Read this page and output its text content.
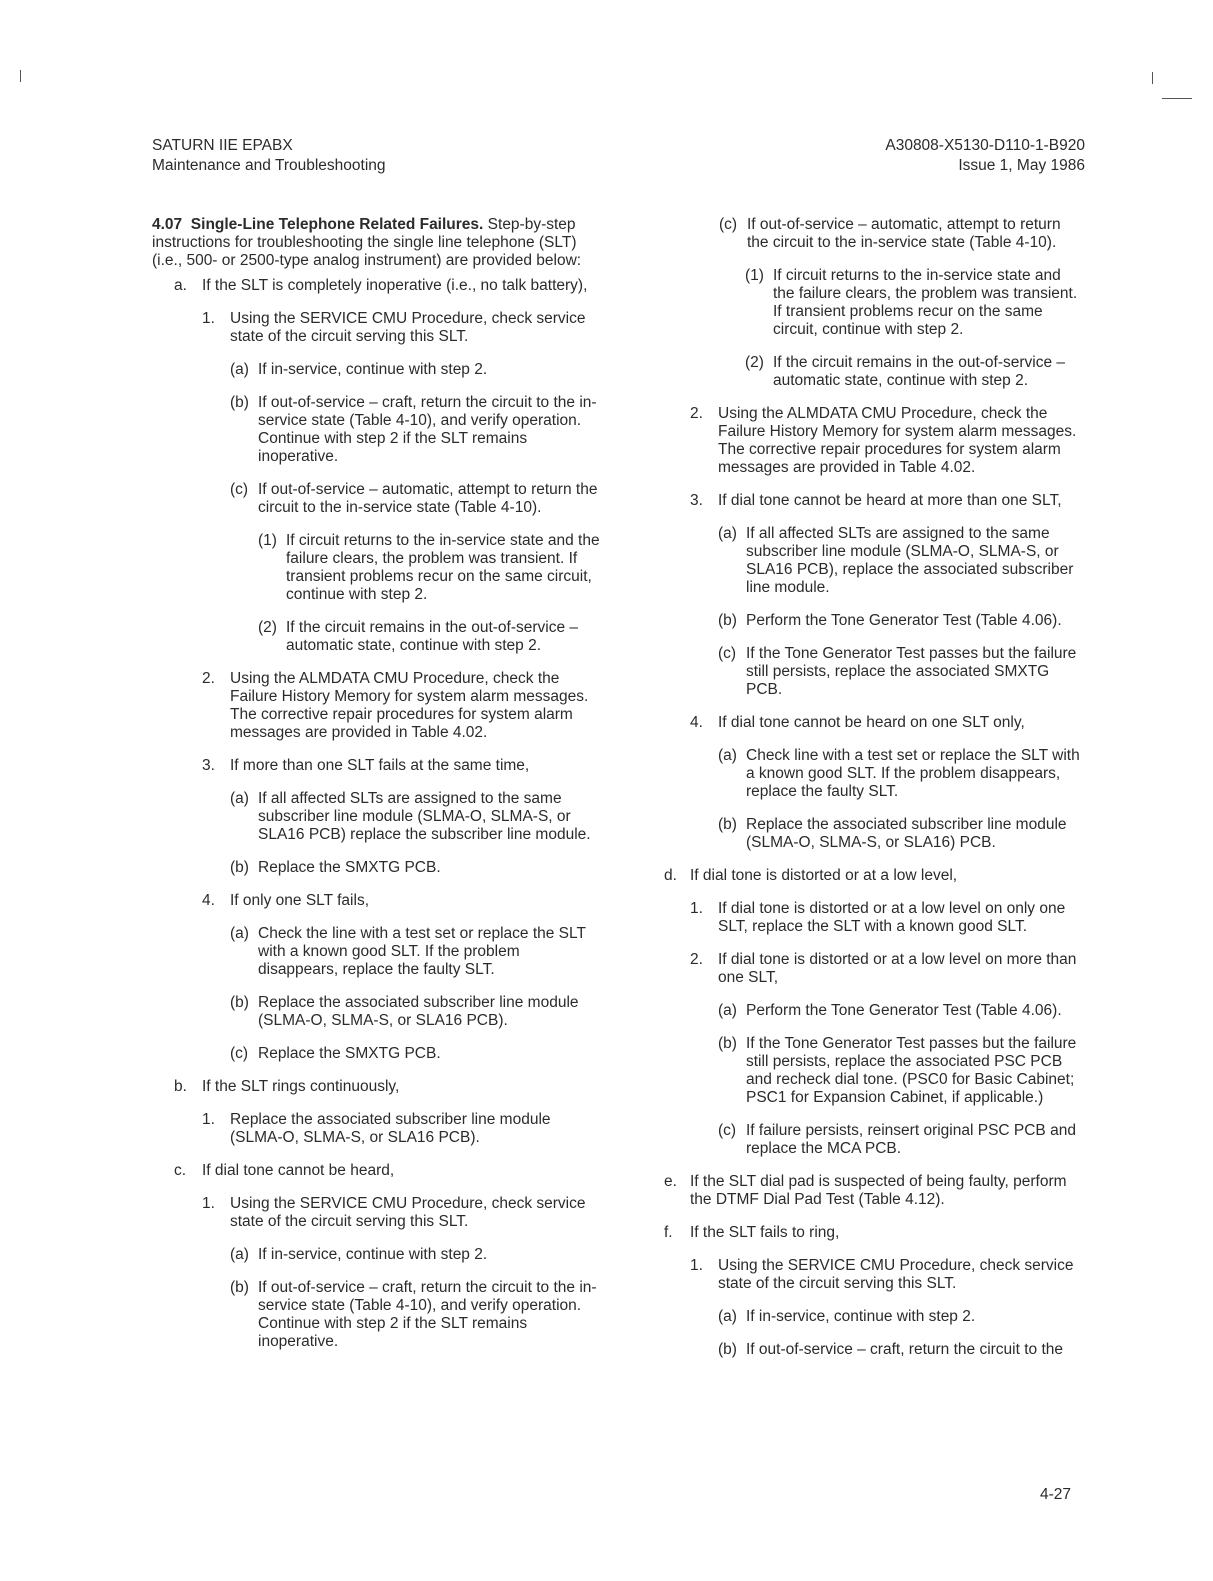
SATURN IIE EPABX
Maintenance and Troubleshooting
A30808-X5130-D110-1-B920
Issue 1, May 1986

4.07 Single-Line Telephone Related Failures. Step-by-step instructions for troubleshooting the single line telephone (SLT) (i.e., 500- or 2500-type analog instrument) are provided below:

a. If the SLT is completely inoperative (i.e., no talk battery),
1. Using the SERVICE CMU Procedure, check service state of the circuit serving this SLT.
(a) If in-service, continue with step 2.
(b) If out-of-service – craft, return the circuit to the in-service state (Table 4-10), and verify operation. Continue with step 2 if the SLT remains inoperative.
(c) If out-of-service – automatic, attempt to return the circuit to the in-service state (Table 4-10).
(1) If circuit returns to the in-service state and the failure clears, the problem was transient. If transient problems recur on the same circuit, continue with step 2.
(2) If the circuit remains in the out-of-service – automatic state, continue with step 2.
2. Using the ALMDATA CMU Procedure, check the Failure History Memory for system alarm messages. The corrective repair procedures for system alarm messages are provided in Table 4.02.
3. If more than one SLT fails at the same time,
(a) If all affected SLTs are assigned to the same subscriber line module (SLMA-O, SLMA-S, or SLA16 PCB) replace the subscriber line module.
(b) Replace the SMXTG PCB.
4. If only one SLT fails,
(a) Check the line with a test set or replace the SLT with a known good SLT. If the problem disappears, replace the faulty SLT.
(b) Replace the associated subscriber line module (SLMA-O, SLMA-S, or SLA16 PCB).
(c) Replace the SMXTG PCB.
b. If the SLT rings continuously,
1. Replace the associated subscriber line module (SLMA-O, SLMA-S, or SLA16 PCB).
c.	If dial tone cannot be heard,
1. Using the SERVICE CMU Procedure, check service state of the circuit serving this SLT.
(a) If in-service, continue with step 2.
(b) If out-of-service – craft, return the circuit to the in-service state (Table 4-10), and verify operation. Continue with step 2 if the SLT remains inoperative.
(c) If out-of-service – automatic, attempt to return the circuit to the in-service state (Table 4-10).
(1) If circuit returns to the in-service state and the failure clears, the problem was transient. If transient problems recur on the same circuit, continue with step 2.
(2) If the circuit remains in the out-of-service – automatic state, continue with step 2.
2. Using the ALMDATA CMU Procedure, check the Failure History Memory for system alarm messages. The corrective repair procedures for system alarm messages are provided in Table 4.02.
3. If dial tone cannot be heard at more than one SLT,
(a) If all affected SLTs are assigned to the same subscriber line module (SLMA-O, SLMA-S, or SLA16 PCB), replace the associated subscriber line module.
(b) Perform the Tone Generator Test (Table 4.06).
(c) If the Tone Generator Test passes but the failure still persists, replace the associated SMXTG PCB.
4. If dial tone cannot be heard on one SLT only,
(a) Check line with a test set or replace the SLT with a known good SLT. If the problem disappears, replace the faulty SLT.
(b) Replace the associated subscriber line module (SLMA-O, SLMA-S, or SLA16) PCB.
d. If dial tone is distorted or at a low level,
1. If dial tone is distorted or at a low level on only one SLT, replace the SLT with a known good SLT.
2. If dial tone is distorted or at a low level on more than one SLT,
(a) Perform the Tone Generator Test (Table 4.06).
(b) If the Tone Generator Test passes but the failure still persists, replace the associated PSC PCB and recheck dial tone. (PSC0 for Basic Cabinet; PSC1 for Expansion Cabinet, if applicable.)
(c) If failure persists, reinsert original PSC PCB and replace the MCA PCB.
e. If the SLT dial pad is suspected of being faulty, perform the DTMF Dial Pad Test (Table 4.12).
f.	If the SLT fails to ring,
1. Using the SERVICE CMU Procedure, check service state of the circuit serving this SLT.
(a) If in-service, continue with step 2.
(b) If out-of-service – craft, return the circuit to the
4-27
